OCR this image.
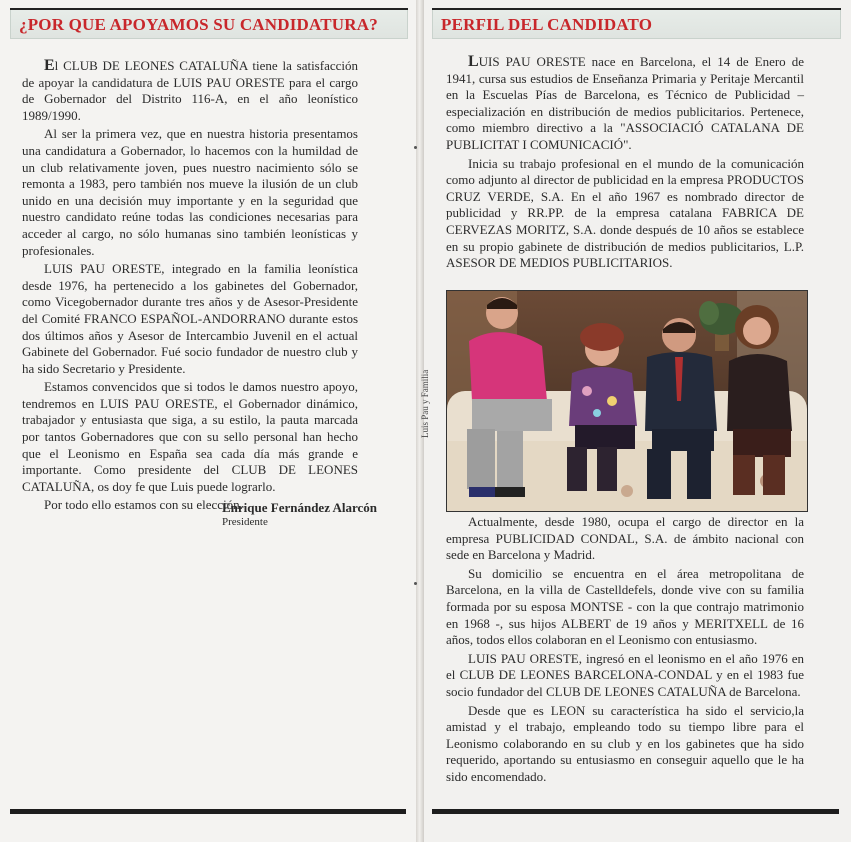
¿POR QUE APOYAMOS SU CANDIDATURA?

El CLUB DE LEONES CATALUÑA tiene la satisfacción de apoyar la candidatura de LUIS PAU ORESTE para el cargo de Gobernador del Distrito 116-A, en el año leonístico 1989/1990.

Al ser la primera vez, que en nuestra historia presentamos una candidatura a Gobernador, lo hacemos con la humildad de un club relativamente joven, pues nuestro nacimiento sólo se remonta a 1983, pero también nos mueve la ilusión de un club unido en una decisión muy importante y en la seguridad que nuestro candidato reúne todas las condiciones necesarias para acceder al cargo, no sólo humanas sino también leonísticas y profesionales.

LUIS PAU ORESTE, integrado en la familia leonística desde 1976, ha pertenecido a los gabinetes del Gobernador, como Vicegobernador durante tres años y de Asesor-Presidente del Comité FRANCO ESPAÑOL-ANDORRANO durante estos dos últimos años y Asesor de Intercambio Juvenil en el actual Gabinete del Gobernador. Fué socio fundador de nuestro club y ha sido Secretario y Presidente.

Estamos convencidos que si todos le damos nuestro apoyo, tendremos en LUIS PAU ORESTE, el Gobernador dinámico, trabajador y entusiasta que siga, a su estilo, la pauta marcada por tantos Gobernadores que con su sello personal han hecho que el Leonismo en España sea cada día más grande e importante. Como presidente del CLUB DE LEONES CATALUÑA, os doy fe que Luis puede lograrlo.

Por todo ello estamos con su elección.

Enrique Fernández Alarcón
Presidente
PERFIL DEL CANDIDATO

LUIS PAU ORESTE nace en Barcelona, el 14 de Enero de 1941, cursa sus estudios de Enseñanza Primaria y Peritaje Mercantil en la Escuelas Pías de Barcelona, es Técnico de Publicidad – especialización en distribución de medios publicitarios. Pertenece, como miembro directivo a la "ASSOCIACIÓ CATALANA DE PUBLICITAT I COMUNICACIÓ".

Inicia su trabajo profesional en el mundo de la comunicación como adjunto al director de publicidad en la empresa PRODUCTOS CRUZ VERDE, S.A. En el año 1967 es nombrado director de publicidad y RR.PP. de la empresa catalana FABRICA DE CERVEZAS MORITZ, S.A. donde después de 10 años se establece en su propio gabinete de distribución de medios publicitarios, L.P. ASESOR DE MEDIOS PUBLICITARIOS.

Luis Pau y Familia

Actualmente, desde 1980, ocupa el cargo de director en la empresa PUBLICIDAD CONDAL, S.A. de ámbito nacional con sede en Barcelona y Madrid.

Su domicilio se encuentra en el área metropolitana de Barcelona, en la villa de Castelldefels, donde vive con su familia formada por su esposa MONTSE - con la que contrajo matrimonio en 1968 -, sus hijos ALBERT de 19 años y MERITXELL de 16 años, todos ellos colaboran en el Leonismo con entusiasmo.

LUIS PAU ORESTE, ingresó en el leonismo en el año 1976 en el CLUB DE LEONES BARCELONA-CONDAL y en el 1983 fue socio fundador del CLUB DE LEONES CATALUÑA de Barcelona.

Desde que es LEON su característica ha sido el servicio,la amistad y el trabajo, empleando todo su tiempo libre para el Leonismo colaborando en su club y en los gabinetes que ha sido requerido, aportando su entusiasmo en conseguir aquello que le ha sido encomendado.
